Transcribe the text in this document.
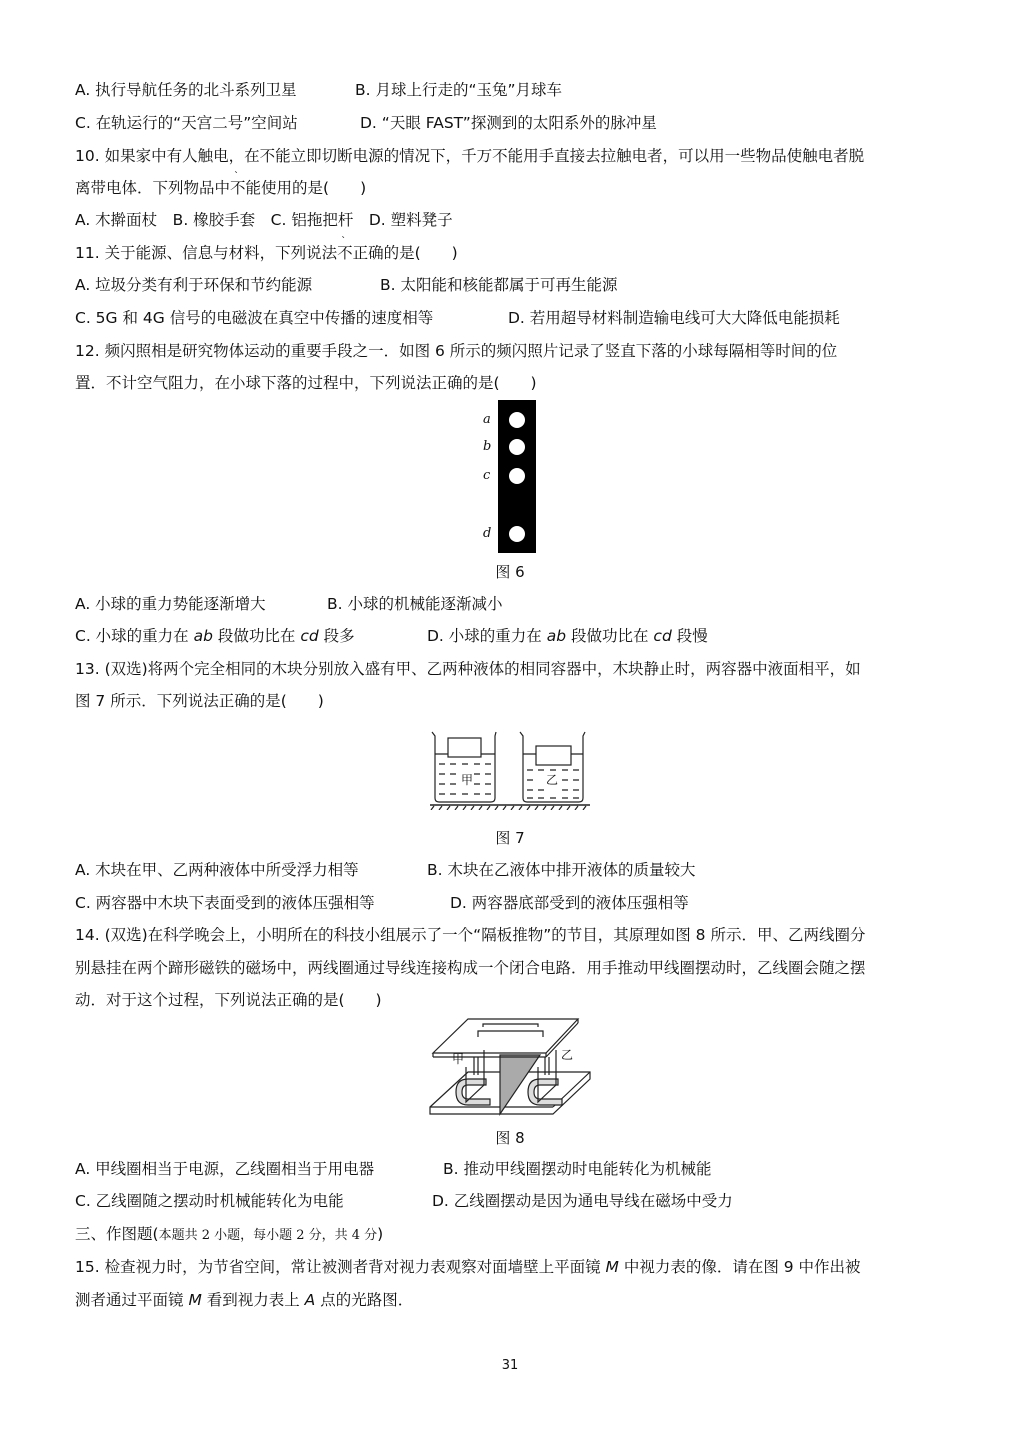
A. 执行导航任务的北斗系列卫星	B. 月球上行走的“玉兔”月球车
C. 在轨运行的“天宫二号”空间站	D. “天眼 FAST”探测到的太阳系外的脉冲星
10. 如果家中有人触电，在不能立即切断电源的情况下，千万不能用手直接去拉触电者，可以用一些物品使触电者脱
离带电体．下列物品中ˋ 不能使用的是(　　)
A. 木擀面杖　B. 橡胶手套　C. 铝拖把杆　D. 塑料凳子
11. 关于能源、信息与材料，下列说法ˋ 不正确的是(　　)
A. 垃圾分类有利于环保和节约能源	B. 太阳能和核能都属于可再生能源
C. 5G 和 4G 信号的电磁波在真空中传播的速度相等	D. 若用超导材料制造输电线可大大降低电能损耗
12. 频闪照相是研究物体运动的重要手段之一．如图 6 所示的频闪照片记录了竖直下落的小球每隔相等时间的位
置．不计空气阻力，在小球下落的过程中，下列说法正确的是(　　)
a
b
c
d
图 6
A. 小球的重力势能逐渐增大	B. 小球的机械能逐渐减小
C. 小球的重力在 ab 段做功比在 cd 段多	D. 小球的重力在 ab 段做功比在 cd 段慢
13. (双选)将两个完全相同的木块分别放入盛有甲、乙两种液体的相同容器中，木块静止时，两容器中液面相平，如
图 7 所示．下列说法正确的是(　　)
甲	乙
图 7
A. 木块在甲、乙两种液体中所受浮力相等	B. 木块在乙液体中排开液体的质量较大
C. 两容器中木块下表面受到的液体压强相等	D. 两容器底部受到的液体压强相等
14. (双选)在科学晚会上，小明所在的科技小组展示了一个“隔板推物”的节目，其原理如图 8 所示．甲、乙两线圈分
别悬挂在两个蹄形磁铁的磁场中，两线圈通过导线连接构成一个闭合电路．用手推动甲线圈摆动时，乙线圈会随之摆
动．对于这个过程，下列说法正确的是(　　)
甲	乙
图 8
A. 甲线圈相当于电源，乙线圈相当于用电器	B. 推动甲线圈摆动时电能转化为机械能
C. 乙线圈随之摆动时机械能转化为电能	D. 乙线圈摆动是因为通电导线在磁场中受力
三、作图题(本题共 2 小题，每小题 2 分，共 4 分)
15. 检查视力时，为节省空间，常让被测者背对视力表观察对面墙壁上平面镜 M 中视力表的像．请在图 9 中作出被
测者通过平面镜 M 看到视力表上 A 点的光路图．
31
